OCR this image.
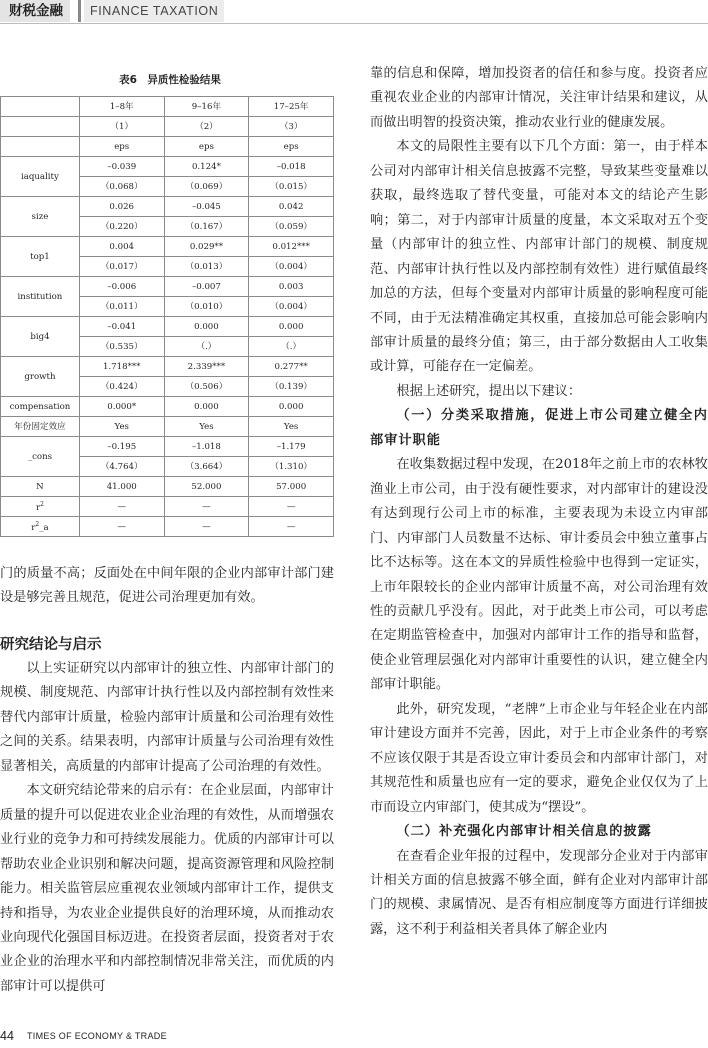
财税金融	FINANCE TAXATION
表6　异质性检验结果
	1–8年	9–16年	17–25年
	（1）	（2）	（3）
	eps	eps	eps
iaquality	–0.039	0.124*	–0.018
	（0.068）	（0.069）	（0.015）
size	0.026	–0.045	0.042
	（0.220）	（0.167）	（0.059）
top1	0.004	0.029**	0.012***
	（0.017）	（0.013）	（0.004）
institution	–0.006	–0.007	0.003
	（0.011）	（0.010）	（0.004）
big4	–0.041	0.000	0.000
	（0.535）	（.）	（.）
growth	1.718***	2.339***	0.277**
	（0.424）	（0.506）	（0.139）
compensation	0.000*	0.000	0.000
年份固定效应	Yes	Yes	Yes
_cons	–0.195	–1.018	–1.179
	（4.764）	（3.664）	（1.310）
N	41.000	52.000	57.000
$r^2$	—	—	—
$r^2\_a$	—	—	—

门的质量不高；反面处在中间年限的企业内部审计部门建设是够完善且规范，促进公司治理更加有效。

研究结论与启示

以上实证研究以内部审计的独立性、内部审计部门的规模、制度规范、内部审计执行性以及内部控制有效性来替代内部审计质量，检验内部审计质量和公司治理有效性之间的关系。结果表明，内部审计质量与公司治理有效性显著相关，高质量的内部审计提高了公司治理的有效性。

本文研究结论带来的启示有：在企业层面，内部审计质量的提升可以促进农业企业治理的有效性，从而增强农业行业的竞争力和可持续发展能力。优质的内部审计可以帮助农业企业识别和解决问题，提高资源管理和风险控制能力。相关监管层应重视农业领域内部审计工作，提供支持和指导，为农业企业提供良好的治理环境，从而推动农业向现代化强国目标迈进。在投资者层面，投资者对于农业企业的治理水平和内部控制情况非常关注，而优质的内部审计可以提供可

靠的信息和保障，增加投资者的信任和参与度。投资者应重视农业企业的内部审计情况，关注审计结果和建议，从而做出明智的投资决策，推动农业行业的健康发展。

本文的局限性主要有以下几个方面：第一，由于样本公司对内部审计相关信息披露不完整，导致某些变量难以获取，最终选取了替代变量，可能对本文的结论产生影响；第二，对于内部审计质量的度量，本文采取对五个变量（内部审计的独立性、内部审计部门的规模、制度规范、内部审计执行性以及内部控制有效性）进行赋值最终加总的方法，但每个变量对内部审计质量的影响程度可能不同，由于无法精准确定其权重，直接加总可能会影响内部审计质量的最终分值；第三，由于部分数据由人工收集或计算，可能存在一定偏差。

根据上述研究，提出以下建议：

（一）分类采取措施，促进上市公司建立健全内部审计职能

在收集数据过程中发现，在2018年之前上市的农林牧渔业上市公司，由于没有硬性要求，对内部审计的建设没有达到现行公司上市的标准，主要表现为未设立内审部门、内审部门人员数量不达标、审计委员会中独立董事占比不达标等。这在本文的异质性检验中也得到一定证实，上市年限较长的企业内部审计质量不高，对公司治理有效性的贡献几乎没有。因此，对于此类上市公司，可以考虑在定期监管检查中，加强对内部审计工作的指导和监督，使企业管理层强化对内部审计重要性的认识，建立健全内部审计职能。

此外，研究发现，“老牌”上市企业与年轻企业在内部审计建设方面并不完善，因此，对于上市企业条件的考察不应该仅限于其是否设立审计委员会和内部审计部门，对其规范性和质量也应有一定的要求，避免企业仅仅为了上市而设立内审部门，使其成为“摆设”。

（二）补充强化内部审计相关信息的披露

在查看企业年报的过程中，发现部分企业对于内部审计相关方面的信息披露不够全面，鲜有企业对内部审计部门的规模、隶属情况、是否有相应制度等方面进行详细披露，这不利于利益相关者具体了解企业内

44 TIMES OF ECONOMY & TRADE
